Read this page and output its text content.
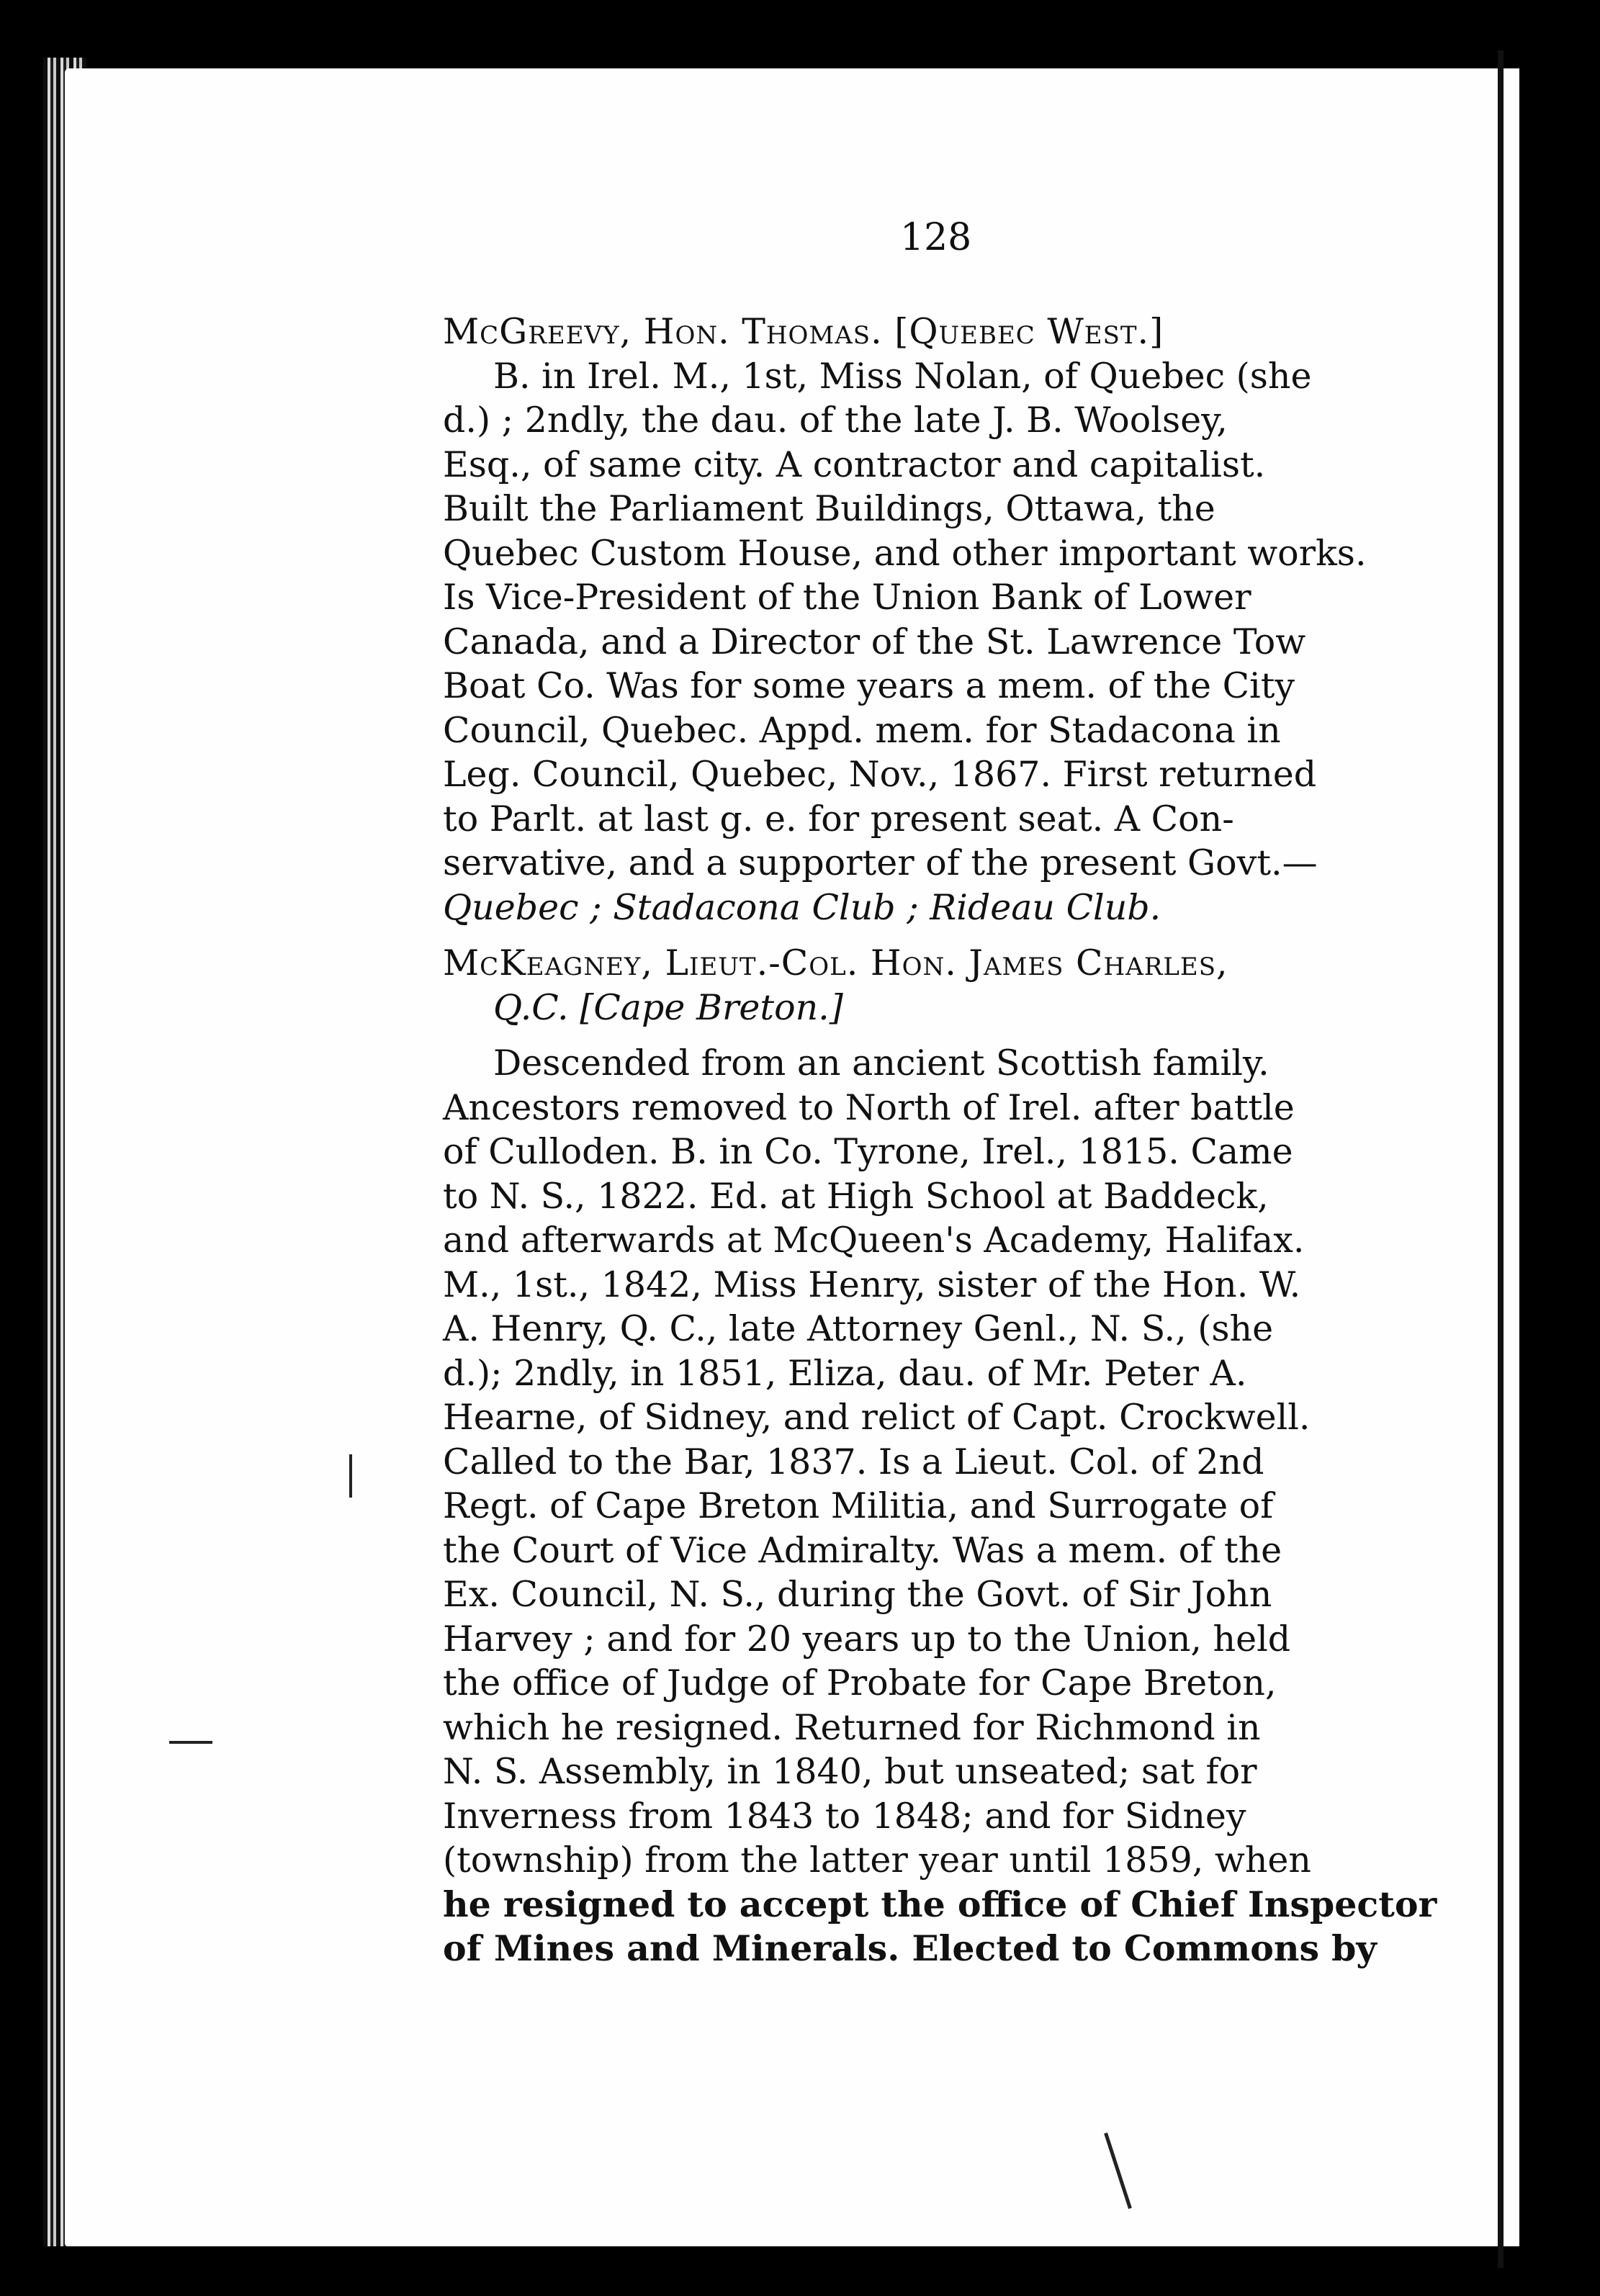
128
McGreevy, Hon. Thomas. [Quebec West.]
B. in Irel. M., 1st, Miss Nolan, of Quebec (she
d.) ; 2ndly, the dau. of the late J. B. Woolsey,
Esq., of same city. A contractor and capitalist.
Built the Parliament Buildings, Ottawa, the
Quebec Custom House, and other important works.
Is Vice-President of the Union Bank of Lower
Canada, and a Director of the St. Lawrence Tow
Boat Co. Was for some years a mem. of the City
Council, Quebec. Appd. mem. for Stadacona in
Leg. Council, Quebec, Nov., 1867. First returned
to Parlt. at last g. e. for present seat. A Con-
servative, and a supporter of the present Govt.—
Quebec ; Stadacona Club ; Rideau Club.
McKeagney, Lieut.-Col. Hon. James Charles,
Q.C. [Cape Breton.]
Descended from an ancient Scottish family.
Ancestors removed to North of Irel. after battle
of Culloden. B. in Co. Tyrone, Irel., 1815. Came
to N. S., 1822. Ed. at High School at Baddeck,
and afterwards at McQueen's Academy, Halifax.
M., 1st., 1842, Miss Henry, sister of the Hon. W.
A. Henry, Q. C., late Attorney Genl., N. S., (she
d.); 2ndly, in 1851, Eliza, dau. of Mr. Peter A.
Hearne, of Sidney, and relict of Capt. Crockwell.
Called to the Bar, 1837. Is a Lieut. Col. of 2nd
Regt. of Cape Breton Militia, and Surrogate of
the Court of Vice Admiralty. Was a mem. of the
Ex. Council, N. S., during the Govt. of Sir John
Harvey ; and for 20 years up to the Union, held
the office of Judge of Probate for Cape Breton,
which he resigned. Returned for Richmond in
N. S. Assembly, in 1840, but unseated; sat for
Inverness from 1843 to 1848; and for Sidney
(township) from the latter year until 1859, when
he resigned to accept the office of Chief Inspector
of Mines and Minerals. Elected to Commons by
